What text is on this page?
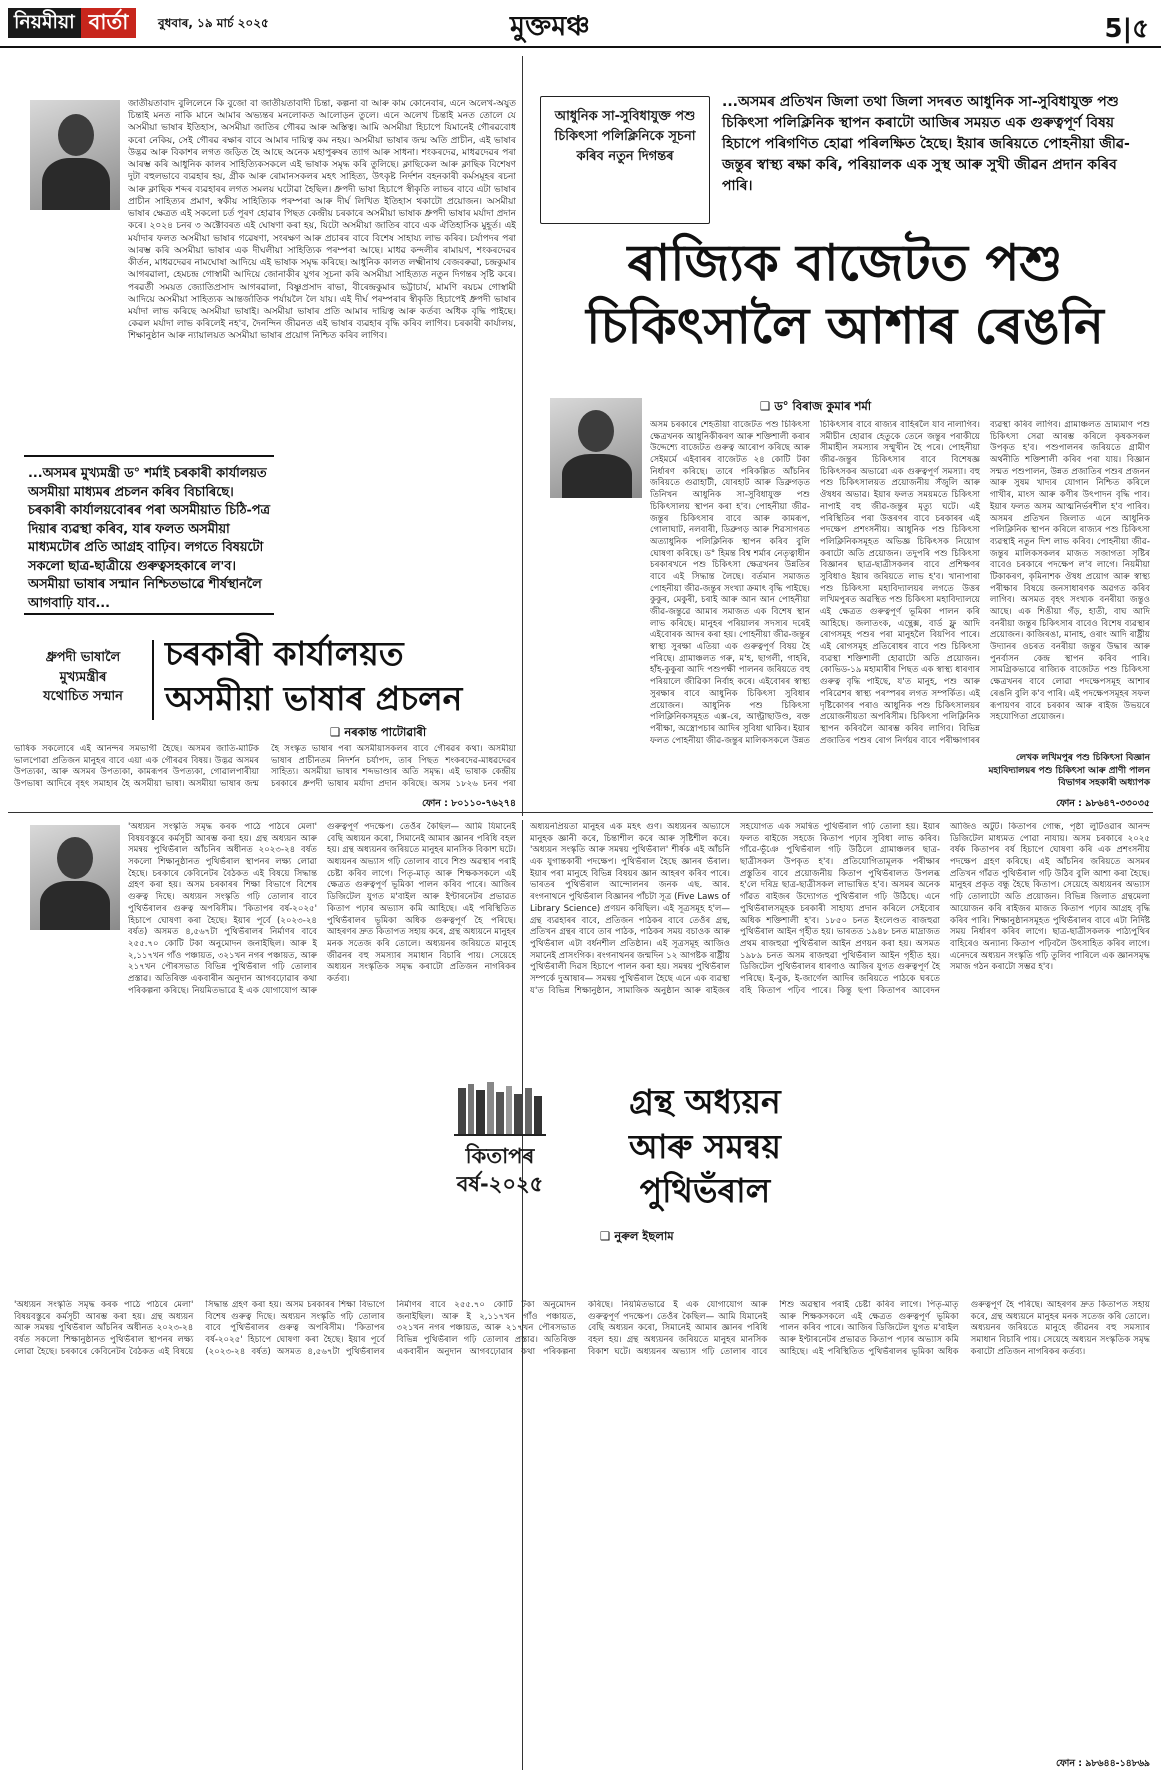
নিয়মীয়া বার্তা	বুধবাৰ, ১৯ মাৰ্চ ২০২৫	মুক্তমঞ্চ	5|৫
জাতীয়তাবাদ বুলিলেনে কি বুজো বা জাতীয়তাবাদী চিন্তা, কল্পনা বা আৰু কাম কোনেবাৰ, এনে অলেখ-অযুত চিন্তাই মনত নাকি মানে আমাৰ অভ্যন্তৰ মনলোকত আলোড়ন তুলে। এনে অলেখ চিন্তাই মনত তোলে যে অসমীয়া ভাষাৰ ইতিহাস, অসমীয়া জাতিৰ গৌৰৱ আৰু অস্তিত্ব। আমি অসমীয়া হিচাপে যিমানেই গৌৰৱবোধ কৰো নেকিয়, সেই গৌৰৱ ৰক্ষাৰ বাবে আমাৰ দায়িত্ব কম নহয়। অসমীয়া ভাষাৰ জন্ম অতি প্ৰাচীন, এই ভাষাৰ উদ্ভৱ আৰু বিকাশৰ লগত জড়িত হৈ আছে অনেক মহাপুৰুষৰ ত্যাগ আৰু সাধনা। শংকৰদেৱ, মাধৱদেৱৰ পৰা আৰম্ভ কৰি আধুনিক কালৰ সাহিত্যিকসকলে এই ভাষাক সমৃদ্ধ কৰি তুলিছে। ক্লাছিকেল আৰু ক্লাছিক বিশেষণ দুটা বহুলভাবে ব্যৱহাৰ হয়, গ্ৰীক আৰু ৰোমানসকলৰ মহৎ সাহিত্য, উৎকৃষ্ট নিৰ্দশন বহনকাৰী কৰ্মসমূহৰ ৰচনা আৰু ক্লাছিক শব্দৰ ব্যৱহাৰৰ লগত সমলয় ঘটোৱা হৈছিল। ধ্ৰুপদী ভাষা হিচাপে স্বীকৃতি লাভৰ বাবে এটা ভাষাৰ প্ৰাচীন সাহিত্যৰ প্ৰমাণ, স্বকীয় সাহিত্যিক পৰম্পৰা আৰু দীৰ্ঘ লিখিত ইতিহাস থকাটো প্ৰয়োজন। অসমীয়া ভাষাৰ ক্ষেত্ৰত এই সকলো চৰ্ত পূৰণ হোৱাৰ পিছত কেন্দ্ৰীয় চৰকাৰে অসমীয়া ভাষাক ধ্ৰুপদী ভাষাৰ মৰ্যাদা প্ৰদান কৰে। ২০২৪ চনৰ ৩ অক্টোবৰত এই ঘোষণা কৰা হয়, যিটো অসমীয়া জাতিৰ বাবে এক ঐতিহাসিক মুহূৰ্ত। এই মৰ্যাদাৰ ফলত অসমীয়া ভাষাৰ গৱেষণা, সংৰক্ষণ আৰু প্ৰচাৰৰ বাবে বিশেষ সাহায্য লাভ কৰিব। চৰ্যাপদৰ পৰা আৰম্ভ কৰি অসমীয়া ভাষাৰ এক দীঘলীয়া সাহিত্যিক পৰম্পৰা আছে। মাধৱ কন্দলীৰ ৰামায়ণ, শংকৰদেৱৰ কীৰ্তন, মাধৱদেৱৰ নামঘোষা আদিয়ে এই ভাষাক সমৃদ্ধ কৰিছে। আধুনিক কালত লক্ষ্মীনাথ বেজবৰুৱা, চন্দ্ৰকুমাৰ আগৰৱালা, হেমচন্দ্ৰ গোস্বামী আদিয়ে জোনাকীৰ যুগৰ সূচনা কৰি অসমীয়া সাহিত্যত নতুন দিগন্তৰ সৃষ্টি কৰে। পৰৱৰ্তী সময়ত জ্যোতিপ্ৰসাদ আগৰৱালা, বিষ্ণুপ্ৰসাদ ৰাভা, বীৰেন্দ্ৰকুমাৰ ভট্টাচাৰ্য, মামণি ৰয়চম গোস্বামী আদিয়ে অসমীয়া সাহিত্যক আন্তৰ্জাতিক পৰ্যায়লৈ লৈ যায়। এই দীৰ্ঘ পৰম্পৰাৰ স্বীকৃতি হিচাপেই ধ্ৰুপদী ভাষাৰ মৰ্যাদা লাভ কৰিছে অসমীয়া ভাষাই। অসমীয়া ভাষাৰ প্ৰতি আমাৰ দায়িত্ব আৰু কৰ্তব্য অধিক বৃদ্ধি পাইছে। কেৱল মৰ্যাদা লাভ কৰিলেই নহ'ব, দৈনন্দিন জীৱনত এই ভাষাৰ ব্যৱহাৰ বৃদ্ধি কৰিব লাগিব। চৰকাৰী কাৰ্যালয়, শিক্ষানুষ্ঠান আৰু ন্যায়ালয়ত অসমীয়া ভাষাৰ প্ৰয়োগ নিশ্চিত কৰিব লাগিব।
...অসমৰ মুখ্যমন্ত্ৰী ড° শৰ্মাই চৰকাৰী কাৰ্যালয়ত অসমীয়া মাধ্যমৰ প্ৰচলন কৰিব বিচাৰিছে। চৰকাৰী কাৰ্যালয়বোৰৰ পৰা অসমীয়াত চিঠি-পত্ৰ দিয়াৰ ব্যৱস্থা কৰিব, যাৰ ফলত অসমীয়া মাধ্যমটোৰ প্ৰতি আগ্ৰহ বাঢ়িব। লগতে বিষয়টো সকলো ছাত্ৰ-ছাত্ৰীয়ে গুৰুত্বসহকাৰে ল'ব। অসমীয়া ভাষাৰ সন্মান নিশ্চিতভাৱে শীৰ্ষস্থানলৈ আগবাঢ়ি যাব...
ধ্ৰুপদী ভাষালৈ
মুখ্যমন্ত্ৰীৰ
যথোচিত সন্মান
চৰকাৰী কাৰ্যালয়ত
অসমীয়া ভাষাৰ প্ৰচলন
❑ নৰকান্ত পাটোৱাৰী
ভাষিক সকলোৰে এই আনন্দৰ সমভাগী হৈছে। অসমৰ জাতি-মাটিক ভালপোৱা প্ৰতিজন মানুহৰ বাবে এয়া এক গৌৰৱৰ বিষয়। উদ্ভৱ অসমৰ উপত্যকা, আৰু অসমৰ উপত্যকা, কামৰূপৰ উপত্যকা, গোৱালপাৰীয়া উপভাষা আদিৰে বৃহৎ সমাহাৰ হৈ অসমীয়া ভাষা। অসমীয়া ভাষাৰ জন্ম হৈ সংস্কৃত ভাষাৰ পৰা অসমীয়াসকলৰ বাবে গৌৰৱৰ কথা। অসমীয়া ভাষাৰ প্ৰাচীনতম নিদৰ্শন চৰ্যাপদ, তাৰ পিছত শংকৰদেৱ-মাধৱদেৱৰ সাহিত্য। অসমীয়া ভাষাৰ শব্দভাণ্ডাৰ অতি সমৃদ্ধ। এই ভাষাক কেন্দ্ৰীয় চৰকাৰে ধ্ৰুপদী ভাষাৰ মৰ্যাদা প্ৰদান কৰিছে। অসম ১৮২৬ চনৰ পৰা
ফোন : ৮০১১০-৭৬২৭৪
আধুনিক সা-সুবিধাযুক্ত পশু চিকিৎসা পলিক্লিনিকে সূচনা কৰিব নতুন দিগন্তৰ
...অসমৰ প্ৰতিখন জিলা তথা জিলা সদৰত আধুনিক সা-সুবিধাযুক্ত পশু চিকিৎসা পলিক্লিনিক স্থাপন কৰাটো আজিৰ সময়ত এক গুৰুত্বপূৰ্ণ বিষয় হিচাপে পৰিগণিত হোৱা পৰিলক্ষিত হৈছে। ইয়াৰ জৰিয়তে পোহনীয়া জীৱ-জন্তুৰ স্বাস্থ্য ৰক্ষা কৰি, পৰিয়ালক এক সুস্থ আৰু সুখী জীৱন প্ৰদান কৰিব পাৰি।
ৰাজ্যিক বাজেটত পশু
চিকিৎসালৈ আশাৰ ৰেঙনি
❑ ড° বিৰাজ কুমাৰ শৰ্মা
অসম চৰকাৰে শেহতীয়া বাজেটত পশু চিকিৎসা ক্ষেত্ৰখনক আধুনিকীকৰণ আৰু শক্তিশালী কৰাৰ উদ্দেশ্যে বাজেটত গুৰুত্ব আৰোপ কৰিছে আৰু সেইমৰ্মে এইবাৰৰ বাজেটত ২৪ কোটি টকা নিৰ্ধাৰণ কৰিছে। তাৰে পৰিকল্পিত আঁচনিৰ জৰিয়তে গুৱাহাটী, যোৰহাট আৰু ডিব্ৰুগড়ত তিনিখন আধুনিক সা-সুবিধাযুক্ত পশু চিকিৎসালয় স্থাপন কৰা হ'ব। পোহনীয়া জীৱ-জন্তুৰ চিকিৎসাৰ বাবে আৰু কামৰূপ, গোলাঘাট, নলবাৰী, ডিব্ৰুগড় আৰু শিৱসাগৰত অত্যাধুনিক পলিক্লিনিক স্থাপন কৰিব বুলি ঘোষণা কৰিছে। ড° হিমন্ত বিশ্ব শৰ্মাৰ নেতৃত্বাধীন চৰকাৰখনে পশু চিকিৎসা ক্ষেত্ৰখনৰ উন্নতিৰ বাবে এই সিদ্ধান্ত লৈছে। বৰ্তমান সমাজত পোহনীয়া জীৱ-জন্তুৰ সংখ্যা ক্ৰমাৎ বৃদ্ধি পাইছে। কুকুৰ, মেকুৰী, চৰাই আৰু আন আন পোহনীয়া জীৱ-জন্তুৱে আমাৰ সমাজত এক বিশেষ স্থান লাভ কৰিছে। মানুহৰ পৰিয়ালৰ সদস্যৰ দৰেই এইবোৰক আদৰ কৰা হয়। পোহনীয়া জীৱ-জন্তুৰ স্বাস্থ্য সুৰক্ষা এতিয়া এক গুৰুত্বপূৰ্ণ বিষয় হৈ পৰিছে। গ্ৰামাঞ্চলত গৰু, ম'হ, ছাগলী, গাহৰি, হাঁহ-কুকুৰা আদি পশুপক্ষী পালনৰ জৰিয়তে বহু পৰিয়ালে জীৱিকা নিৰ্বাহ কৰে। এইবোৰৰ স্বাস্থ্য সুৰক্ষাৰ বাবে আধুনিক চিকিৎসা সুবিধাৰ প্ৰয়োজন। আধুনিক পশু চিকিৎসা পলিক্লিনিকসমূহত এক্স-ৰে, আল্ট্ৰাছাউণ্ড, ৰক্ত পৰীক্ষা, অস্ত্ৰোপচাৰ আদিৰ সুবিধা থাকিব। ইয়াৰ ফলত পোহনীয়া জীৱ-জন্তুৰ মালিকসকলে উন্নত চিকিৎসাৰ বাবে ৰাজ্যৰ বাহিৰলৈ যাব নালাগিব। সমীচীন হোৱাৰ হেতুকে তেনে জন্তুৰ পৰাকীয়ে সীমাহীন সমস্যাৰ সম্মুখীন হৈ পৰে। পোহনীয়া জীৱ-জন্তুৰ চিকিৎসাৰ বাবে বিশেষজ্ঞ চিকিৎসকৰ অভাৱো এক গুৰুত্বপূৰ্ণ সমস্যা। বহু পশু চিকিৎসালয়ত প্ৰয়োজনীয় সঁজুলি আৰু ঔষধৰ অভাৱ। ইয়াৰ ফলত সময়মতে চিকিৎসা নাপাই বহু জীৱ-জন্তুৰ মৃত্যু ঘটে। এই পৰিস্থিতিৰ পৰা উত্তৰণৰ বাবে চৰকাৰৰ এই পদক্ষেপ প্ৰশংসনীয়। আধুনিক পশু চিকিৎসা পলিক্লিনিকসমূহত অভিজ্ঞ চিকিৎসক নিয়োগ কৰাটো অতি প্ৰয়োজন। তদুপৰি পশু চিকিৎসা বিজ্ঞানৰ ছাত্ৰ-ছাত্ৰীসকলৰ বাবে প্ৰশিক্ষণৰ সুবিধাও ইয়াৰ জৰিয়তে লাভ হ'ব। খানাপাৰা পশু চিকিৎসা মহাবিদ্যালয়ৰ লগতে উত্তৰ লখিমপুৰত অৱস্থিত পশু চিকিৎসা মহাবিদ্যালয়ে এই ক্ষেত্ৰত গুৰুত্বপূৰ্ণ ভূমিকা পালন কৰি আহিছে। জলাতংক, এন্থ্ৰেক্স, বাৰ্ড ফ্লু আদি ৰোগসমূহ পশুৰ পৰা মানুহলৈ বিয়পিব পাৰে। এই ৰোগসমূহ প্ৰতিৰোধৰ বাবে পশু চিকিৎসা ব্যৱস্থা শক্তিশালী হোৱাটো অতি প্ৰয়োজন। কোভিড-১৯ মহামাৰীৰ পিছত এক স্বাস্থ্য ধাৰণাৰ গুৰুত্ব বৃদ্ধি পাইছে, য'ত মানুহ, পশু আৰু পৰিৱেশৰ স্বাস্থ্য পৰস্পৰৰ লগত সম্পৰ্কিত। এই দৃষ্টিকোণৰ পৰাও আধুনিক পশু চিকিৎসালয়ৰ প্ৰয়োজনীয়তা অপৰিসীম। চিকিৎসা পলিক্লিনিক স্থাপন কৰিবলৈ আৰম্ভ কৰিব লাগিব। বিভিন্ন প্ৰজাতিৰ পশুৰ ৰোগ নিৰ্ণয়ৰ বাবে পৰীক্ষাগাৰৰ ব্যৱস্থা কৰিব লাগিব। গ্ৰামাঞ্চলত ভ্ৰাম্যমাণ পশু চিকিৎসা সেৱা আৰম্ভ কৰিলে কৃষকসকল উপকৃত হ'ব। পশুপালনৰ জৰিয়তে গ্ৰামীণ অৰ্থনীতি শক্তিশালী কৰিব পৰা যায়। বিজ্ঞান সন্মত পশুপালন, উন্নত প্ৰজাতিৰ পশুৰ প্ৰজনন আৰু সুষম খাদ্যৰ যোগান নিশ্চিত কৰিলে গাখীৰ, মাংস আৰু কণীৰ উৎপাদন বৃদ্ধি পাব। ইয়াৰ ফলত অসম আত্মনিৰ্ভৰশীল হ'ব পাৰিব। অসমৰ প্ৰতিখন জিলাত এনে আধুনিক পলিক্লিনিক স্থাপন কৰিলে ৰাজ্যৰ পশু চিকিৎসা ব্যৱস্থাই নতুন দিশ লাভ কৰিব। পোহনীয়া জীৱ-জন্তুৰ মালিকসকলৰ মাজত সজাগতা সৃষ্টিৰ বাবেও চৰকাৰে পদক্ষেপ ল'ব লাগে। নিয়মীয়া টিকাকৰণ, কৃমিনাশক ঔষধ প্ৰয়োগ আৰু স্বাস্থ্য পৰীক্ষাৰ বিষয়ে জনসাধাৰণক অৱগত কৰিব লাগিব। অসমত বৃহৎ সংখ্যক বনৰীয়া জন্তুও আছে। এক শিঙীয়া গঁড়, হাতী, বাঘ আদি বনৰীয়া জন্তুৰ চিকিৎসাৰ বাবেও বিশেষ ব্যৱস্থাৰ প্ৰয়োজন। কাজিৰঙা, মানাহ, ওৰাং আদি ৰাষ্ট্ৰীয় উদ্যানৰ ওচৰত বনৰীয়া জন্তুৰ উদ্ধাৰ আৰু পুনৰ্বাসন কেন্দ্ৰ স্থাপন কৰিব পাৰি। সামগ্ৰিকভাৱে ৰাজ্যিক বাজেটত পশু চিকিৎসা ক্ষেত্ৰখনৰ বাবে লোৱা পদক্ষেপসমূহ আশাৰ ৰেঙনি বুলি ক'ব পাৰি। এই পদক্ষেপসমূহৰ সফল ৰূপায়ণৰ বাবে চৰকাৰ আৰু ৰাইজ উভয়ৰে সহযোগিতা প্ৰয়োজন।
লেখক লখিমপুৰ পশু চিকিৎসা বিজ্ঞান
মহাবিদ্যালয়ৰ পশু চিকিৎসা আৰু প্ৰাণী পালন
বিভাগৰ সহকাৰী অধ্যাপক
ফোন : ৯৮৬৪৭-৩৩০৩৫
'অধ্যয়ন সংস্কৃতি সমৃদ্ধ কৰক পাঠে পাঠৰে মেলা' বিষয়বস্তুৰে কৰ্মসূচী আৰম্ভ কৰা হয়। গ্ৰন্থ অধ্যয়ন আৰু সমন্বয় পুথিভঁৰাল আঁচনিৰ অধীনত ২০২৩-২৪ বৰ্ষত সকলো শিক্ষানুষ্ঠানত পুথিভঁৰাল স্থাপনৰ লক্ষ্য লোৱা হৈছে। চৰকাৰে কেবিনেটৰ বৈঠকত এই বিষয়ে সিদ্ধান্ত গ্ৰহণ কৰা হয়। অসম চৰকাৰৰ শিক্ষা বিভাগে বিশেষ গুৰুত্ব দিছে। অধ্যয়ন সংস্কৃতি গঢ়ি তোলাৰ বাবে পুথিভঁৰালৰ গুৰুত্ব অপৰিসীম। 'কিতাপৰ বৰ্ষ-২০২৫' হিচাপে ঘোষণা কৰা হৈছে। ইয়াৰ পূৰ্বে (২০২৩-২৪ বৰ্ষত) অসমত ৪,৫৬৭টা পুথিভঁৰালৰ নিৰ্মাণৰ বাবে ২৫৫.৭০ কোটি টকা অনুমোদন জনাইছিল। আৰু ই ২,১১৭খন গাঁও পঞ্চায়ত, ৩২১খন নগৰ পঞ্চায়ত, আৰু ২১৭খন পৌৰসভাত বিভিন্ন পুথিভঁৰাল গঢ়ি তোলাৰ প্ৰস্তাৱ। অতিৰিক্ত একবাৰীন অনুদান আগবঢ়োৱাৰ কথা পৰিকল্পনা কৰিছে। নিয়মিতভাৱে ই এক যোগাযোগ আৰু গুৰুত্বপূৰ্ণ পদক্ষেপ। তেওঁৰ কৈছিল— আমি যিমানেই বেছি অধ্যয়ন কৰো, সিমানেই আমাৰ জ্ঞানৰ পৰিধি বহল হয়। গ্ৰন্থ অধ্যয়নৰ জৰিয়তে মানুহৰ মানসিক বিকাশ ঘটে। অধ্যয়নৰ অভ্যাস গঢ়ি তোলাৰ বাবে শিশু অৱস্থাৰ পৰাই চেষ্টা কৰিব লাগে। পিতৃ-মাতৃ আৰু শিক্ষকসকলে এই ক্ষেত্ৰত গুৰুত্বপূৰ্ণ ভূমিকা পালন কৰিব পাৰে। আজিৰ ডিজিটেল যুগত ম'বাইল আৰু ইণ্টাৰনেটৰ প্ৰভাৱত কিতাপ পঢ়াৰ অভ্যাস কমি আহিছে। এই পৰিস্থিতিত পুথিভঁৰালৰ ভূমিকা অধিক গুৰুত্বপূৰ্ণ হৈ পৰিছে। আহৰণৰ দ্ৰুত কিতাপত সহায় কৰে, গ্ৰন্থ অধ্যয়নে মানুহৰ মনক সতেজ কৰি তোলে। অধ্যয়নৰ জৰিয়তে মানুহে জীৱনৰ বহু সমস্যাৰ সমাধান বিচাৰি পায়। সেয়েহে অধ্যয়ন সংস্কৃতিক সমৃদ্ধ কৰাটো প্ৰতিজন নাগৰিকৰ কৰ্তব্য।
কিতাপৰ
বৰ্ষ-২০২৫
গ্ৰন্থ অধ্যয়ন
আৰু সমন্বয়
পুথিভঁৰাল
❑ নুৰুল ইছলাম
অধ্যয়নপ্ৰিয়তা মানুহৰ এক মহৎ গুণ। অধ্যয়নৰ অভ্যাসে মানুহক জ্ঞানী কৰে, চিন্তাশীল কৰে আৰু সৃষ্টিশীল কৰে। 'অধ্যয়ন সংস্কৃতি আৰু সমন্বয় পুথিভঁৰাল' শীৰ্ষক এই আঁচনি এক যুগান্তকাৰী পদক্ষেপ। পুথিভঁৰাল হৈছে জ্ঞানৰ ভঁৰাল। ইয়াৰ পৰা মানুহে বিভিন্ন বিষয়ৰ জ্ঞান আহৰণ কৰিব পাৰে। ভাৰতৰ পুথিভঁৰাল আন্দোলনৰ জনক এছ. আৰ. ৰংগনাথনে পুথিভঁৰাল বিজ্ঞানৰ পাঁচটা সূত্ৰ (Five Laws of Library Science) প্ৰণয়ন কৰিছিল। এই সূত্ৰসমূহ হ'ল— গ্ৰন্থ ব্যৱহাৰৰ বাবে, প্ৰতিজন পাঠকৰ বাবে তেওঁৰ গ্ৰন্থ, প্ৰতিখন গ্ৰন্থৰ বাবে তাৰ পাঠক, পাঠকৰ সময় বচাওক আৰু পুথিভঁৰাল এটা বৰ্ধনশীল প্ৰতিষ্ঠান। এই সূত্ৰসমূহ আজিও সমানেই প্ৰাসংগিক। ৰংগনাথনৰ জন্মদিন ১২ আগষ্টক ৰাষ্ট্ৰীয় পুথিভঁৰালী দিৱস হিচাপে পালন কৰা হয়। সমন্বয় পুথিভঁৰাল সম্পৰ্কে দুআষাৰ— সমন্বয় পুথিভঁৰাল হৈছে এনে এক ব্যৱস্থা য'ত বিভিন্ন শিক্ষানুষ্ঠান, সামাজিক অনুষ্ঠান আৰু ৰাইজৰ সহযোগত এক সমন্বিত পুথিভঁৰাল গঢ়ি তোলা হয়। ইয়াৰ ফলত ৰাইজে সহজে কিতাপ পঢ়াৰ সুবিধা লাভ কৰিব। গাঁৱে-ভূঁঞে পুথিভঁৰাল গঢ়ি উঠিলে গ্ৰামাঞ্চলৰ ছাত্ৰ-ছাত্ৰীসকল উপকৃত হ'ব। প্ৰতিযোগিতামূলক পৰীক্ষাৰ প্ৰস্তুতিৰ বাবে প্ৰয়োজনীয় কিতাপ পুথিভঁৰালত উপলব্ধ হ'লে দৰিদ্ৰ ছাত্ৰ-ছাত্ৰীসকল লাভান্বিত হ'ব। অসমৰ অনেক গাঁৱত ৰাইজৰ উদ্যোগত পুথিভঁৰাল গঢ়ি উঠিছে। এনে পুথিভঁৰালসমূহক চৰকাৰী সাহায্য প্ৰদান কৰিলে সেইবোৰ অধিক শক্তিশালী হ'ব। ১৮৫০ চনত ইংলেণ্ডত ৰাজহুৱা পুথিভঁৰাল আইন গৃহীত হয়। ভাৰতত ১৯৪৮ চনত মাদ্ৰাজত প্ৰথম ৰাজহুৱা পুথিভঁৰাল আইন প্ৰণয়ন কৰা হয়। অসমত ১৯৮৯ চনত অসম ৰাজহুৱা পুথিভঁৰাল আইন গৃহীত হয়। ডিজিটেল পুথিভঁৰালৰ ধাৰণাও আজিৰ যুগত গুৰুত্বপূৰ্ণ হৈ পৰিছে। ই-বুক, ই-জাৰ্ণেল আদিৰ জৰিয়তে পাঠকে ঘৰতে বহি কিতাপ পঢ়িব পাৰে। কিন্তু ছপা কিতাপৰ আবেদন আজিও অটুট। কিতাপৰ গোন্ধ, পৃষ্ঠা লুটিওৱাৰ আনন্দ ডিজিটেল মাধ্যমত পোৱা নাযায়। অসম চৰকাৰে ২০২৫ বৰ্ষক কিতাপৰ বৰ্ষ হিচাপে ঘোষণা কৰি এক প্ৰশংসনীয় পদক্ষেপ গ্ৰহণ কৰিছে। এই আঁচনিৰ জৰিয়তে অসমৰ প্ৰতিখন গাঁৱত পুথিভঁৰাল গঢ়ি উঠিব বুলি আশা কৰা হৈছে। মানুহৰ প্ৰকৃত বন্ধু হৈছে কিতাপ। সেয়েহে অধ্যয়নৰ অভ্যাস গঢ়ি তোলাটো অতি প্ৰয়োজন। বিভিন্ন জিলাত গ্ৰন্থমেলা আয়োজন কৰি ৰাইজৰ মাজত কিতাপ পঢ়াৰ আগ্ৰহ বৃদ্ধি কৰিব পাৰি। শিক্ষানুষ্ঠানসমূহত পুথিভঁৰালৰ বাবে এটা নিৰ্দিষ্ট সময় নিৰ্ধাৰণ কৰিব লাগে। ছাত্ৰ-ছাত্ৰীসকলক পাঠ্যপুথিৰ বাহিৰেও অন্যান্য কিতাপ পঢ়িবলৈ উৎসাহিত কৰিব লাগে। এনেদৰে অধ্যয়ন সংস্কৃতি গঢ়ি তুলিব পাৰিলে এক জ্ঞানসমৃদ্ধ সমাজ গঠন কৰাটো সম্ভৱ হ'ব।
'অধ্যয়ন সংস্কৃতি সমৃদ্ধ কৰক পাঠে পাঠৰে মেলা' বিষয়বস্তুৰে কৰ্মসূচী আৰম্ভ কৰা হয়। গ্ৰন্থ অধ্যয়ন আৰু সমন্বয় পুথিভঁৰাল আঁচনিৰ অধীনত ২০২৩-২৪ বৰ্ষত সকলো শিক্ষানুষ্ঠানত পুথিভঁৰাল স্থাপনৰ লক্ষ্য লোৱা হৈছে। চৰকাৰে কেবিনেটৰ বৈঠকত এই বিষয়ে সিদ্ধান্ত গ্ৰহণ কৰা হয়। অসম চৰকাৰৰ শিক্ষা বিভাগে বিশেষ গুৰুত্ব দিছে। অধ্যয়ন সংস্কৃতি গঢ়ি তোলাৰ বাবে পুথিভঁৰালৰ গুৰুত্ব অপৰিসীম। 'কিতাপৰ বৰ্ষ-২০২৫' হিচাপে ঘোষণা কৰা হৈছে। ইয়াৰ পূৰ্বে (২০২৩-২৪ বৰ্ষত) অসমত ৪,৫৬৭টা পুথিভঁৰালৰ নিৰ্মাণৰ বাবে ২৫৫.৭০ কোটি টকা অনুমোদন জনাইছিল। আৰু ই ২,১১৭খন গাঁও পঞ্চায়ত, ৩২১খন নগৰ পঞ্চায়ত, আৰু ২১৭খন পৌৰসভাত বিভিন্ন পুথিভঁৰাল গঢ়ি তোলাৰ প্ৰস্তাৱ। অতিৰিক্ত একবাৰীন অনুদান আগবঢ়োৱাৰ কথা পৰিকল্পনা কৰিছে। নিয়মিতভাৱে ই এক যোগাযোগ আৰু গুৰুত্বপূৰ্ণ পদক্ষেপ। তেওঁৰ কৈছিল— আমি যিমানেই বেছি অধ্যয়ন কৰো, সিমানেই আমাৰ জ্ঞানৰ পৰিধি বহল হয়। গ্ৰন্থ অধ্যয়নৰ জৰিয়তে মানুহৰ মানসিক বিকাশ ঘটে। অধ্যয়নৰ অভ্যাস গঢ়ি তোলাৰ বাবে শিশু অৱস্থাৰ পৰাই চেষ্টা কৰিব লাগে। পিতৃ-মাতৃ আৰু শিক্ষকসকলে এই ক্ষেত্ৰত গুৰুত্বপূৰ্ণ ভূমিকা পালন কৰিব পাৰে। আজিৰ ডিজিটেল যুগত ম'বাইল আৰু ইণ্টাৰনেটৰ প্ৰভাৱত কিতাপ পঢ়াৰ অভ্যাস কমি আহিছে। এই পৰিস্থিতিত পুথিভঁৰালৰ ভূমিকা অধিক গুৰুত্বপূৰ্ণ হৈ পৰিছে। আহৰণৰ দ্ৰুত কিতাপত সহায় কৰে, গ্ৰন্থ অধ্যয়নে মানুহৰ মনক সতেজ কৰি তোলে। অধ্যয়নৰ জৰিয়তে মানুহে জীৱনৰ বহু সমস্যাৰ সমাধান বিচাৰি পায়। সেয়েহে অধ্যয়ন সংস্কৃতিক সমৃদ্ধ কৰাটো প্ৰতিজন নাগৰিকৰ কৰ্তব্য।
ফোন : ৯৮৬৪৪-১৪৮৬৯
